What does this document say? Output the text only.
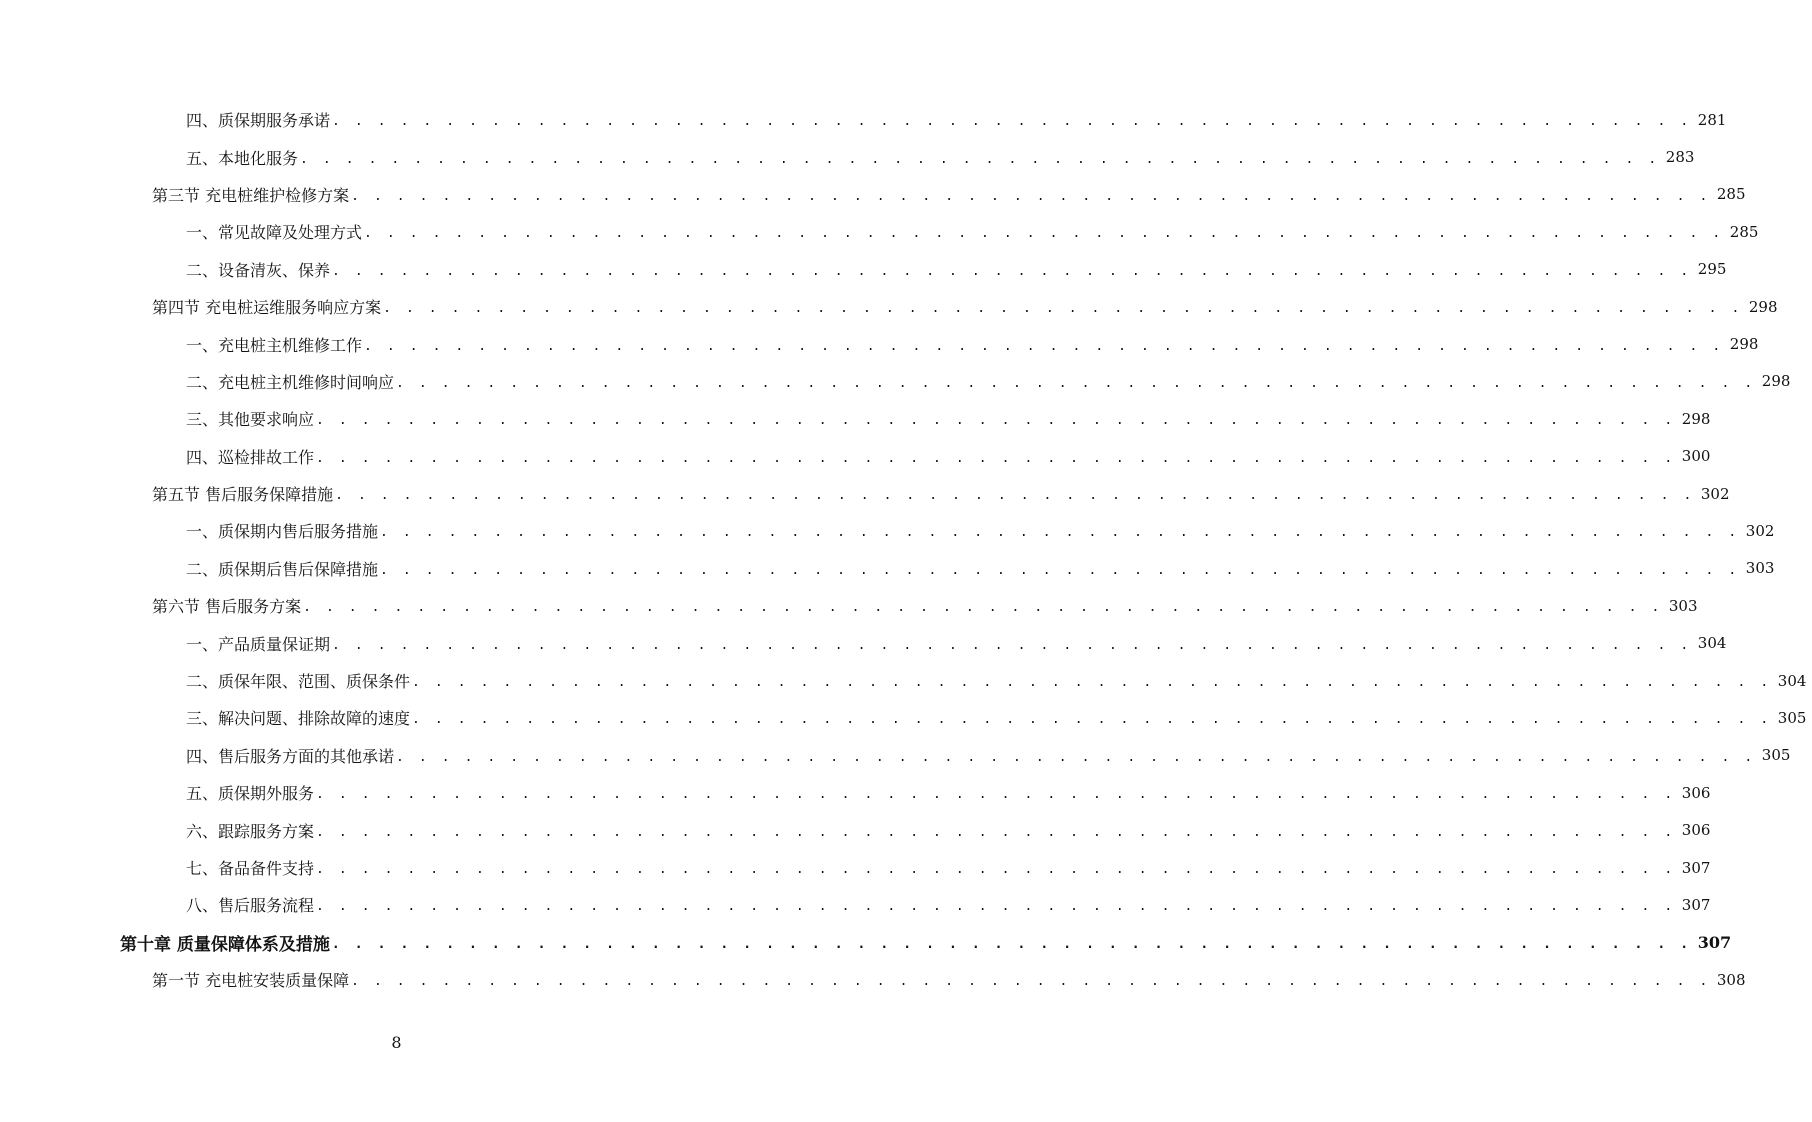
四、质保期服务承诺 . . . . . . . . . . . . . . . . . . . . . . . . . . . . . . . . . . . . . . . . . . . . . . . . . . . . . . . . . . . . 281
五、本地化服务 . . . . . . . . . . . . . . . . . . . . . . . . . . . . . . . . . . . . . . . . . . . . . . . . . . . . . . . . . . . . 283
第三节 充电桩维护检修方案 . . . . . . . . . . . . . . . . . . . . . . . . . . . . . . . . . . . . . . . . . . . . . . . . . . . . . . . . . . . . 285
一、常见故障及处理方式 . . . . . . . . . . . . . . . . . . . . . . . . . . . . . . . . . . . . . . . . . . . . . . . . . . . . . . . . . . . . 285
二、设备清灰、保养 . . . . . . . . . . . . . . . . . . . . . . . . . . . . . . . . . . . . . . . . . . . . . . . . . . . . . . . . . . . . 295
第四节 充电桩运维服务响应方案 . . . . . . . . . . . . . . . . . . . . . . . . . . . . . . . . . . . . . . . . . . . . . . . . . . . . . . . . . . . . 298
一、充电桩主机维修工作 . . . . . . . . . . . . . . . . . . . . . . . . . . . . . . . . . . . . . . . . . . . . . . . . . . . . . . . . . . . . 298
二、充电桩主机维修时间响应 . . . . . . . . . . . . . . . . . . . . . . . . . . . . . . . . . . . . . . . . . . . . . . . . . . . . . . . . . . . . 298
三、其他要求响应 . . . . . . . . . . . . . . . . . . . . . . . . . . . . . . . . . . . . . . . . . . . . . . . . . . . . . . . . . . . . 298
四、巡检排故工作 . . . . . . . . . . . . . . . . . . . . . . . . . . . . . . . . . . . . . . . . . . . . . . . . . . . . . . . . . . . . 300
第五节 售后服务保障措施 . . . . . . . . . . . . . . . . . . . . . . . . . . . . . . . . . . . . . . . . . . . . . . . . . . . . . . . . . . . . 302
一、质保期内售后服务措施 . . . . . . . . . . . . . . . . . . . . . . . . . . . . . . . . . . . . . . . . . . . . . . . . . . . . . . . . . . . . 302
二、质保期后售后保障措施 . . . . . . . . . . . . . . . . . . . . . . . . . . . . . . . . . . . . . . . . . . . . . . . . . . . . . . . . . . . . 303
第六节 售后服务方案 . . . . . . . . . . . . . . . . . . . . . . . . . . . . . . . . . . . . . . . . . . . . . . . . . . . . . . . . . . . . 303
一、产品质量保证期 . . . . . . . . . . . . . . . . . . . . . . . . . . . . . . . . . . . . . . . . . . . . . . . . . . . . . . . . . . . . 304
二、质保年限、范围、质保条件 . . . . . . . . . . . . . . . . . . . . . . . . . . . . . . . . . . . . . . . . . . . . . . . . . . . . . . . . . . . . 304
三、解决问题、排除故障的速度 . . . . . . . . . . . . . . . . . . . . . . . . . . . . . . . . . . . . . . . . . . . . . . . . . . . . . . . . . . . . 305
四、售后服务方面的其他承诺 . . . . . . . . . . . . . . . . . . . . . . . . . . . . . . . . . . . . . . . . . . . . . . . . . . . . . . . . . . . . 305
五、质保期外服务 . . . . . . . . . . . . . . . . . . . . . . . . . . . . . . . . . . . . . . . . . . . . . . . . . . . . . . . . . . . . 306
六、跟踪服务方案 . . . . . . . . . . . . . . . . . . . . . . . . . . . . . . . . . . . . . . . . . . . . . . . . . . . . . . . . . . . . 306
七、备品备件支持 . . . . . . . . . . . . . . . . . . . . . . . . . . . . . . . . . . . . . . . . . . . . . . . . . . . . . . . . . . . . 307
八、售后服务流程 . . . . . . . . . . . . . . . . . . . . . . . . . . . . . . . . . . . . . . . . . . . . . . . . . . . . . . . . . . . . 307
第十章 质量保障体系及措施 . . . . . . . . . . . . . . . . . . . . . . . . . . . . . . . . . . . . . . . . . . . . . . . . . . . . . . . . . . . . 307
第一节 充电桩安装质量保障 . . . . . . . . . . . . . . . . . . . . . . . . . . . . . . . . . . . . . . . . . . . . . . . . . . . . . . . . . . . . 308
8
